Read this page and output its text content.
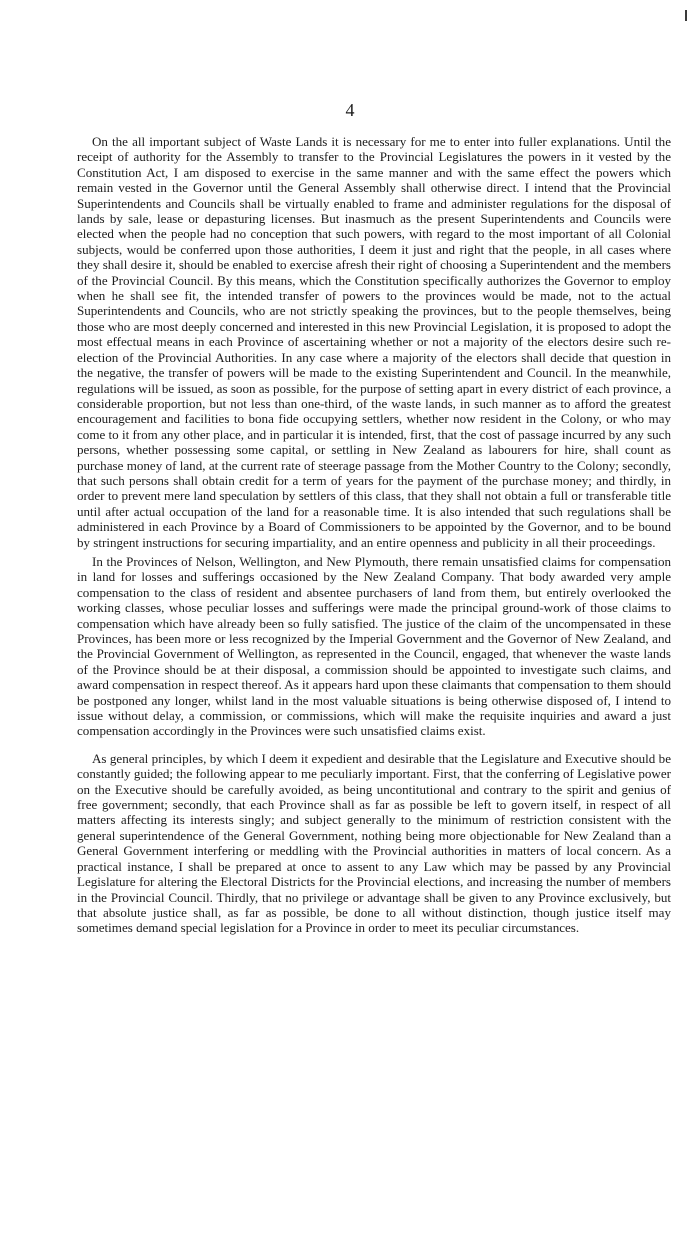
4

On the all important subject of Waste Lands it is necessary for me to enter into fuller explanations. Until the receipt of authority for the Assembly to transfer to the Provincial Legislatures the powers in it vested by the Constitution Act, I am disposed to exercise in the same manner and with the same effect the powers which remain vested in the Governor until the General Assembly shall otherwise direct. I intend that the Provincial Superintendents and Councils shall be virtually enabled to frame and administer regulations for the disposal of lands by sale, lease or depasturing licenses. But inasmuch as the present Superintendents and Councils were elected when the people had no conception that such powers, with regard to the most important of all Colonial subjects, would be conferred upon those authorities, I deem it just and right that the people, in all cases where they shall desire it, should be enabled to exercise afresh their right of choosing a Superintendent and the members of the Provincial Council. By this means, which the Constitution specifically authorizes the Governor to employ when he shall see fit, the intended transfer of powers to the provinces would be made, not to the actual Superintendents and Councils, who are not strictly speaking the provinces, but to the people themselves, being those who are most deeply concerned and interested in this new Provincial Legislation, it is proposed to adopt the most effectual means in each Province of ascertaining whether or not a majority of the electors desire such re-election of the Provincial Authorities. In any case where a majority of the electors shall decide that question in the negative, the transfer of powers will be made to the existing Superintendent and Council. In the meanwhile, regulations will be issued, as soon as possible, for the purpose of setting apart in every district of each province, a considerable proportion, but not less than one-third, of the waste lands, in such manner as to afford the greatest encouragement and facilities to bona fide occupying settlers, whether now resident in the Colony, or who may come to it from any other place, and in particular it is intended, first, that the cost of passage incurred by any such persons, whether possessing some capital, or settling in New Zealand as labourers for hire, shall count as purchase money of land, at the current rate of steerage passage from the Mother Country to the Colony; secondly, that such persons shall obtain credit for a term of years for the payment of the purchase money; and thirdly, in order to prevent mere land speculation by settlers of this class, that they shall not obtain a full or transferable title until after actual occupation of the land for a reasonable time. It is also intended that such regulations shall be administered in each Province by a Board of Commissioners to be appointed by the Governor, and to be bound by stringent instructions for securing impartiality, and an entire openness and publicity in all their proceedings.

In the Provinces of Nelson, Wellington, and New Plymouth, there remain unsatisfied claims for compensation in land for losses and sufferings occasioned by the New Zealand Company. That body awarded very ample compensation to the class of resident and absentee purchasers of land from them, but entirely overlooked the working classes, whose peculiar losses and sufferings were made the principal ground-work of those claims to compensation which have already been so fully satisfied. The justice of the claim of the uncompensated in these Provinces, has been more or less recognized by the Imperial Government and the Governor of New Zealand, and the Provincial Government of Wellington, as represented in the Council, engaged, that whenever the waste lands of the Province should be at their disposal, a commission should be appointed to investigate such claims, and award compensation in respect thereof. As it appears hard upon these claimants that compensation to them should be postponed any longer, whilst land in the most valuable situations is being otherwise disposed of, I intend to issue without delay, a commission, or commissions, which will make the requisite inquiries and award a just compensation accordingly in the Provinces were such unsatisfied claims exist.

As general principles, by which I deem it expedient and desirable that the Legislature and Executive should be constantly guided; the following appear to me peculiarly important. First, that the conferring of Legislative power on the Executive should be carefully avoided, as being uncontitutional and contrary to the spirit and genius of free government; secondly, that each Province shall as far as possible be left to govern itself, in respect of all matters affecting its interests singly; and subject generally to the minimum of restriction consistent with the general superintendence of the General Government, nothing being more objectionable for New Zealand than a General Government interfering or meddling with the Provincial authorities in matters of local concern. As a practical instance, I shall be prepared at once to assent to any Law which may be passed by any Provincial Legislature for altering the Electoral Districts for the Provincial elections, and increasing the number of members in the Provincial Council. Thirdly, that no privilege or advantage shall be given to any Province exclusively, but that absolute justice shall, as far as possible, be done to all without distinction, though justice itself may sometimes demand special legislation for a Province in order to meet its peculiar circumstances.
